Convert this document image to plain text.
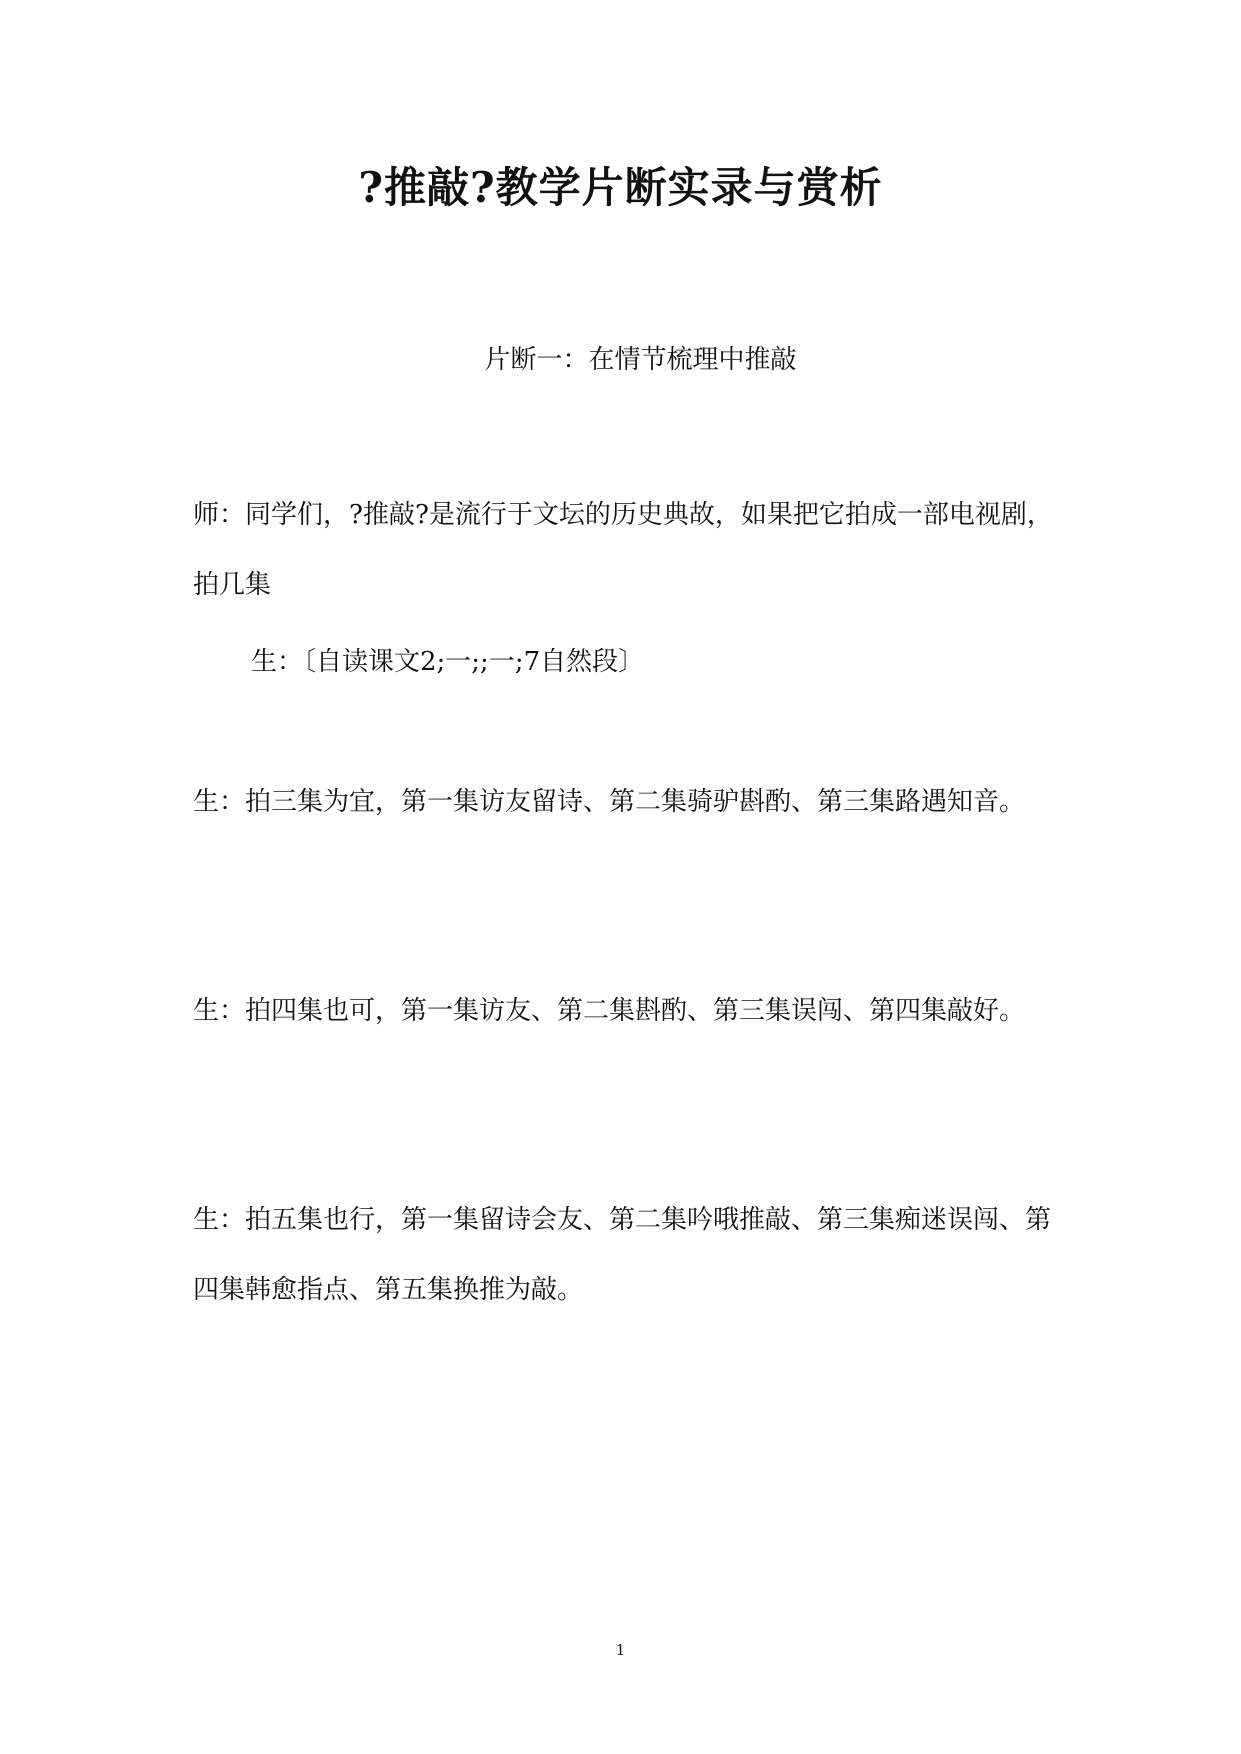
?推敲?教学片断实录与赏析
片断一：在情节梳理中推敲

师：同学们，?推敲?是流行于文坛的历史典故，如果把它拍成一部电视剧，拍几集

生：〔自读课文2;一;;一;7自然段〕

生：拍三集为宜，第一集访友留诗、第二集骑驴斟酌、第三集路遇知音。

生：拍四集也可，第一集访友、第二集斟酌、第三集误闯、第四集敲好。

生：拍五集也行，第一集留诗会友、第二集吟哦推敲、第三集痴迷误闯、第四集韩愈指点、第五集换推为敲。

1
